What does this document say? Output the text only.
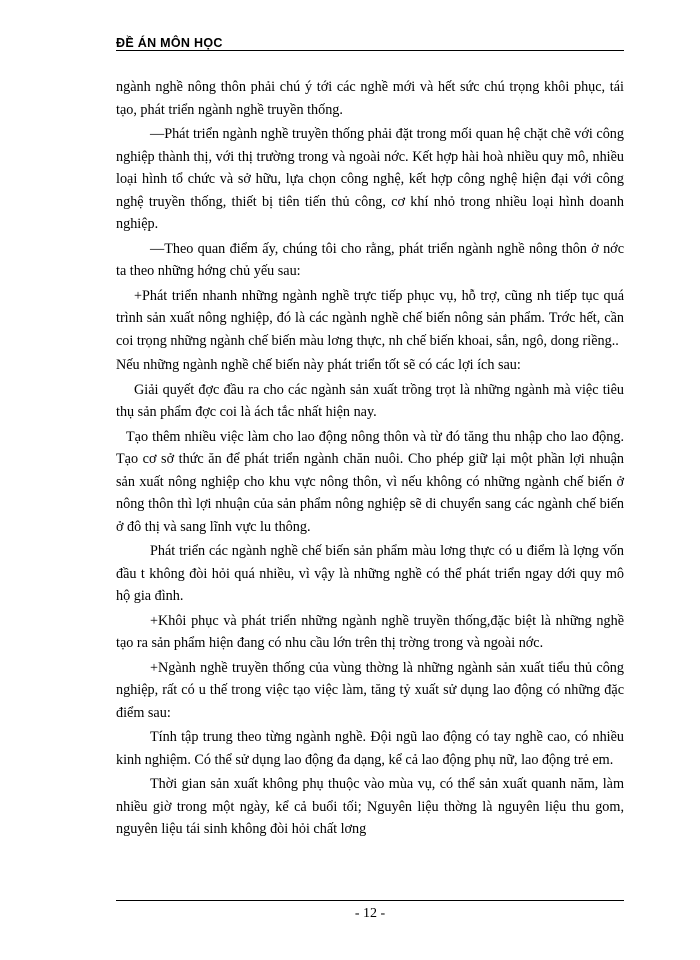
ĐỀ ÁN MÔN HỌC

ngành nghề nông thôn phải chú ý tới các nghề mới và hết sức chú trọng khôi phục, tái tạo, phát triển ngành nghề truyền thống.

—Phát triển ngành nghề truyền thống phải đặt trong mối quan hệ chặt chẽ với công nghiệp thành thị, với thị trường trong và ngoài nớc. Kết hợp hài hoà nhiều quy mô, nhiều loại hình tổ chức và sở hữu, lựa chọn công nghệ, kết hợp công nghệ hiện đại với công nghệ truyền thống, thiết bị tiên tiến thủ công, cơ khí nhỏ trong nhiều loại hình doanh nghiệp.

—Theo quan điểm ấy, chúng tôi cho rằng, phát triển ngành nghề nông thôn ở nớc ta theo những hớng chủ yếu sau:

+Phát triển nhanh những ngành nghề trực tiếp phục vụ, hỗ trợ, cũng nh tiếp tục quá trình sản xuất nông nghiệp, đó là các ngành nghề chế biến nông sản phẩm. Trớc hết, cần coi trọng những ngành chế biến màu lơng thực, nh chế biến khoai, sắn, ngô, dong riềng..

Nếu những ngành nghề chế biến này phát triển tốt sẽ có các lợi ích sau:

Giải quyết đợc đầu ra cho các ngành sản xuất trồng trọt là những ngành mà việc tiêu thụ sản phẩm đợc coi là ách tắc nhất hiện nay.

Tạo thêm nhiều việc làm cho lao động nông thôn và từ đó tăng thu nhập cho lao động. Tạo cơ sở thức ăn để phát triển ngành chăn nuôi. Cho phép giữ lại một phần lợi nhuận sản xuất nông nghiệp cho khu vực nông thôn, vì nếu không có những ngành chế biến ở nông thôn thì lợi nhuận của sản phẩm nông nghiệp sẽ di chuyển sang các ngành chế biến ở đô thị và sang lĩnh vực lu thông.

Phát triển các ngành nghề chế biến sản phẩm màu lơng thực có u điểm là lợng vốn đầu t không đòi hỏi quá nhiều, vì vậy là những nghề có thể phát triển ngay dới quy mô hộ gia đình.

+Khôi phục và phát triển những ngành nghề truyền thống,đặc biệt là những nghề tạo ra sản phẩm hiện đang có nhu cầu lớn trên thị trờng trong và ngoài nớc.

+Ngành nghề truyền thống của vùng thờng là những ngành sản xuất tiểu thủ công nghiệp, rất có u thế trong việc tạo việc làm, tăng tỷ xuất sử dụng lao động có những đặc điểm sau:

Tính tập trung theo từng ngành nghề. Đội ngũ lao động có tay nghề cao, có nhiều kinh nghiệm. Có thể sử dụng lao động đa dạng, kể cả lao động phụ nữ, lao động trẻ em.

Thời gian sản xuất không phụ thuộc vào mùa vụ, có thể sản xuất quanh năm, làm nhiều giờ trong một ngày, kể cả buổi tối; Nguyên liệu thờng là nguyên liệu thu gom, nguyên liệu tái sinh không đòi hỏi chất lơng

- 12 -
